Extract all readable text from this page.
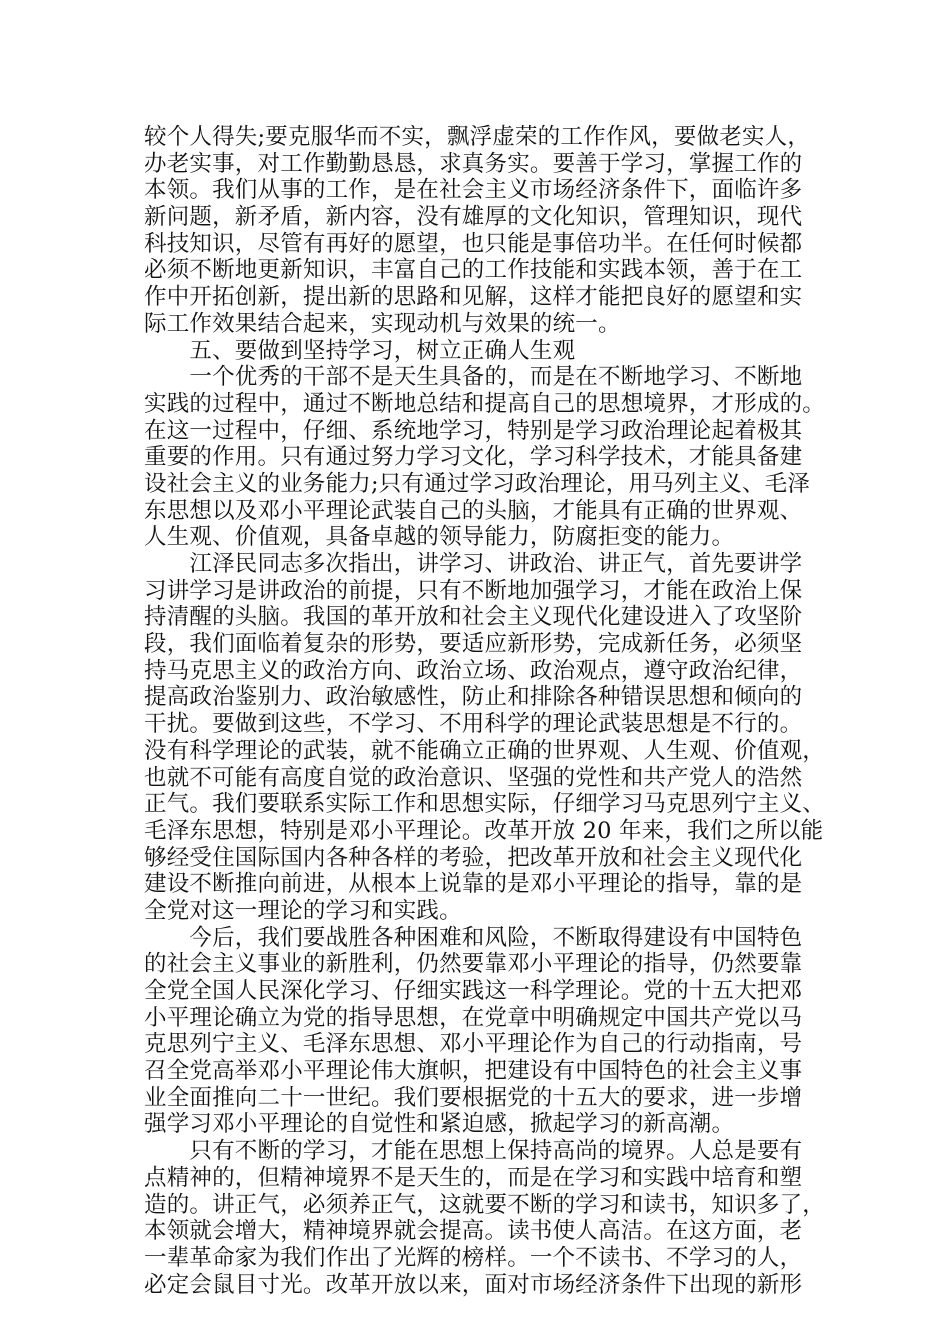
较个人得失;要克服华而不实，飘浮虚荣的工作作风，要做老实人，
办老实事，对工作勤勤恳恳，求真务实。要善于学习，掌握工作的
本领。我们从事的工作，是在社会主义市场经济条件下，面临许多
新问题，新矛盾，新内容，没有雄厚的文化知识，管理知识，现代
科技知识，尽管有再好的愿望，也只能是事倍功半。在任何时候都
必须不断地更新知识，丰富自己的工作技能和实践本领，善于在工
作中开拓创新，提出新的思路和见解，这样才能把良好的愿望和实
际工作效果结合起来，实现动机与效果的统一。
　　五、要做到坚持学习，树立正确人生观
　　一个优秀的干部不是天生具备的，而是在不断地学习、不断地
实践的过程中，通过不断地总结和提高自己的思想境界，才形成的。
在这一过程中，仔细、系统地学习，特别是学习政治理论起着极其
重要的作用。只有通过努力学习文化，学习科学技术，才能具备建
设社会主义的业务能力;只有通过学习政治理论，用马列主义、毛泽
东思想以及邓小平理论武装自己的头脑，才能具有正确的世界观、
人生观、价值观，具备卓越的领导能力，防腐拒变的能力。
　　江泽民同志多次指出，讲学习、讲政治、讲正气，首先要讲学
习讲学习是讲政治的前提，只有不断地加强学习，才能在政治上保
持清醒的头脑。我国的革开放和社会主义现代化建设进入了攻坚阶
段，我们面临着复杂的形势，要适应新形势，完成新任务，必须坚
持马克思主义的政治方向、政治立场、政治观点，遵守政治纪律，
提高政治鉴别力、政治敏感性，防止和排除各种错误思想和倾向的
干扰。要做到这些，不学习、不用科学的理论武装思想是不行的。
没有科学理论的武装，就不能确立正确的世界观、人生观、价值观，
也就不可能有高度自觉的政治意识、坚强的党性和共产党人的浩然
正气。我们要联系实际工作和思想实际，仔细学习马克思列宁主义、
毛泽东思想，特别是邓小平理论。改革开放 20 年来，我们之所以能
够经受住国际国内各种各样的考验，把改革开放和社会主义现代化
建设不断推向前进，从根本上说靠的是邓小平理论的指导，靠的是
全党对这一理论的学习和实践。
　　今后，我们要战胜各种困难和风险，不断取得建设有中国特色
的社会主义事业的新胜利，仍然要靠邓小平理论的指导，仍然要靠
全党全国人民深化学习、仔细实践这一科学理论。党的十五大把邓
小平理论确立为党的指导思想，在党章中明确规定中国共产党以马
克思列宁主义、毛泽东思想、邓小平理论作为自己的行动指南，号
召全党高举邓小平理论伟大旗帜，把建设有中国特色的社会主义事
业全面推向二十一世纪。我们要根据党的十五大的要求，进一步增
强学习邓小平理论的自觉性和紧迫感，掀起学习的新高潮。
　　只有不断的学习，才能在思想上保持高尚的境界。人总是要有
点精神的，但精神境界不是天生的，而是在学习和实践中培育和塑
造的。讲正气，必须养正气，这就要不断的学习和读书，知识多了，
本领就会增大，精神境界就会提高。读书使人高洁。在这方面，老
一辈革命家为我们作出了光辉的榜样。一个不读书、不学习的人，
必定会鼠目寸光。改革开放以来，面对市场经济条件下出现的新形
